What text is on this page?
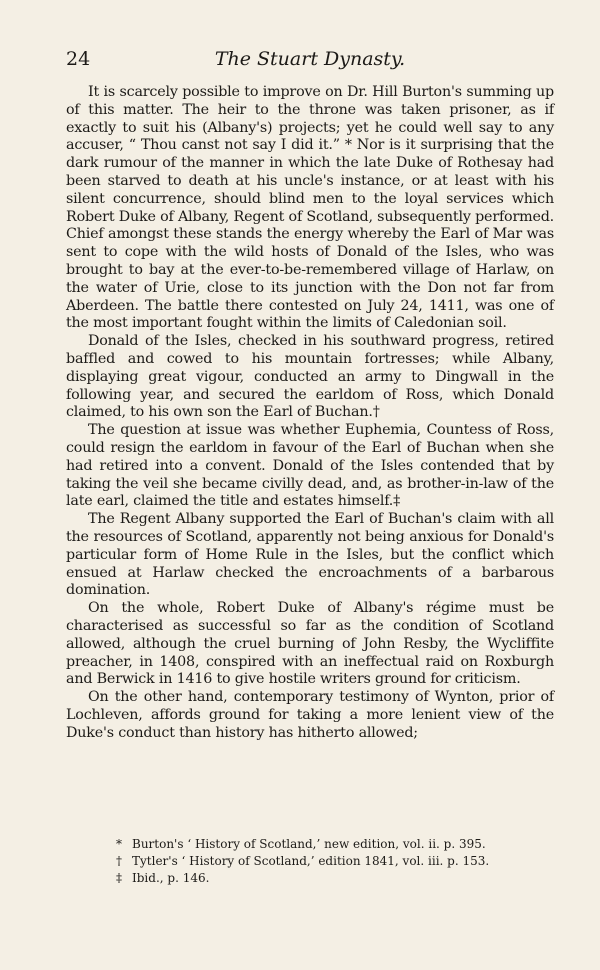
24	The Stuart Dynasty.

It is scarcely possible to improve on Dr. Hill Burton's summing up of this matter. The heir to the throne was taken prisoner, as if exactly to suit his (Albany's) projects; yet he could well say to any accuser, “ Thou canst not say I did it.” * Nor is it surprising that the dark rumour of the manner in which the late Duke of Rothesay had been starved to death at his uncle's instance, or at least with his silent concurrence, should blind men to the loyal services which Robert Duke of Albany, Regent of Scotland, subsequently performed. Chief amongst these stands the energy whereby the Earl of Mar was sent to cope with the wild hosts of Donald of the Isles, who was brought to bay at the ever-to-be-remembered village of Harlaw, on the water of Urie, close to its junction with the Don not far from Aberdeen. The battle there contested on July 24, 1411, was one of the most important fought within the limits of Caledonian soil.

Donald of the Isles, checked in his southward progress, retired baffled and cowed to his mountain fortresses; while Albany, displaying great vigour, conducted an army to Dingwall in the following year, and secured the earldom of Ross, which Donald claimed, to his own son the Earl of Buchan.†

The question at issue was whether Euphemia, Countess of Ross, could resign the earldom in favour of the Earl of Buchan when she had retired into a convent. Donald of the Isles contended that by taking the veil she became civilly dead, and, as brother-in-law of the late earl, claimed the title and estates himself.‡

The Regent Albany supported the Earl of Buchan's claim with all the resources of Scotland, apparently not being anxious for Donald's particular form of Home Rule in the Isles, but the conflict which ensued at Harlaw checked the encroachments of a barbarous domination.

On the whole, Robert Duke of Albany's régime must be characterised as successful so far as the condition of Scotland allowed, although the cruel burning of John Resby, the Wycliffite preacher, in 1408, conspired with an ineffectual raid on Roxburgh and Berwick in 1416 to give hostile writers ground for criticism.

On the other hand, contemporary testimony of Wynton, prior of Lochleven, affords ground for taking a more lenient view of the Duke's conduct than history has hitherto allowed;

* Burton's ‘ History of Scotland,’ new edition, vol. ii. p. 395.

† Tytler's ‘ History of Scotland,’ edition 1841, vol. iii. p. 153.

‡ Ibid., p. 146.
